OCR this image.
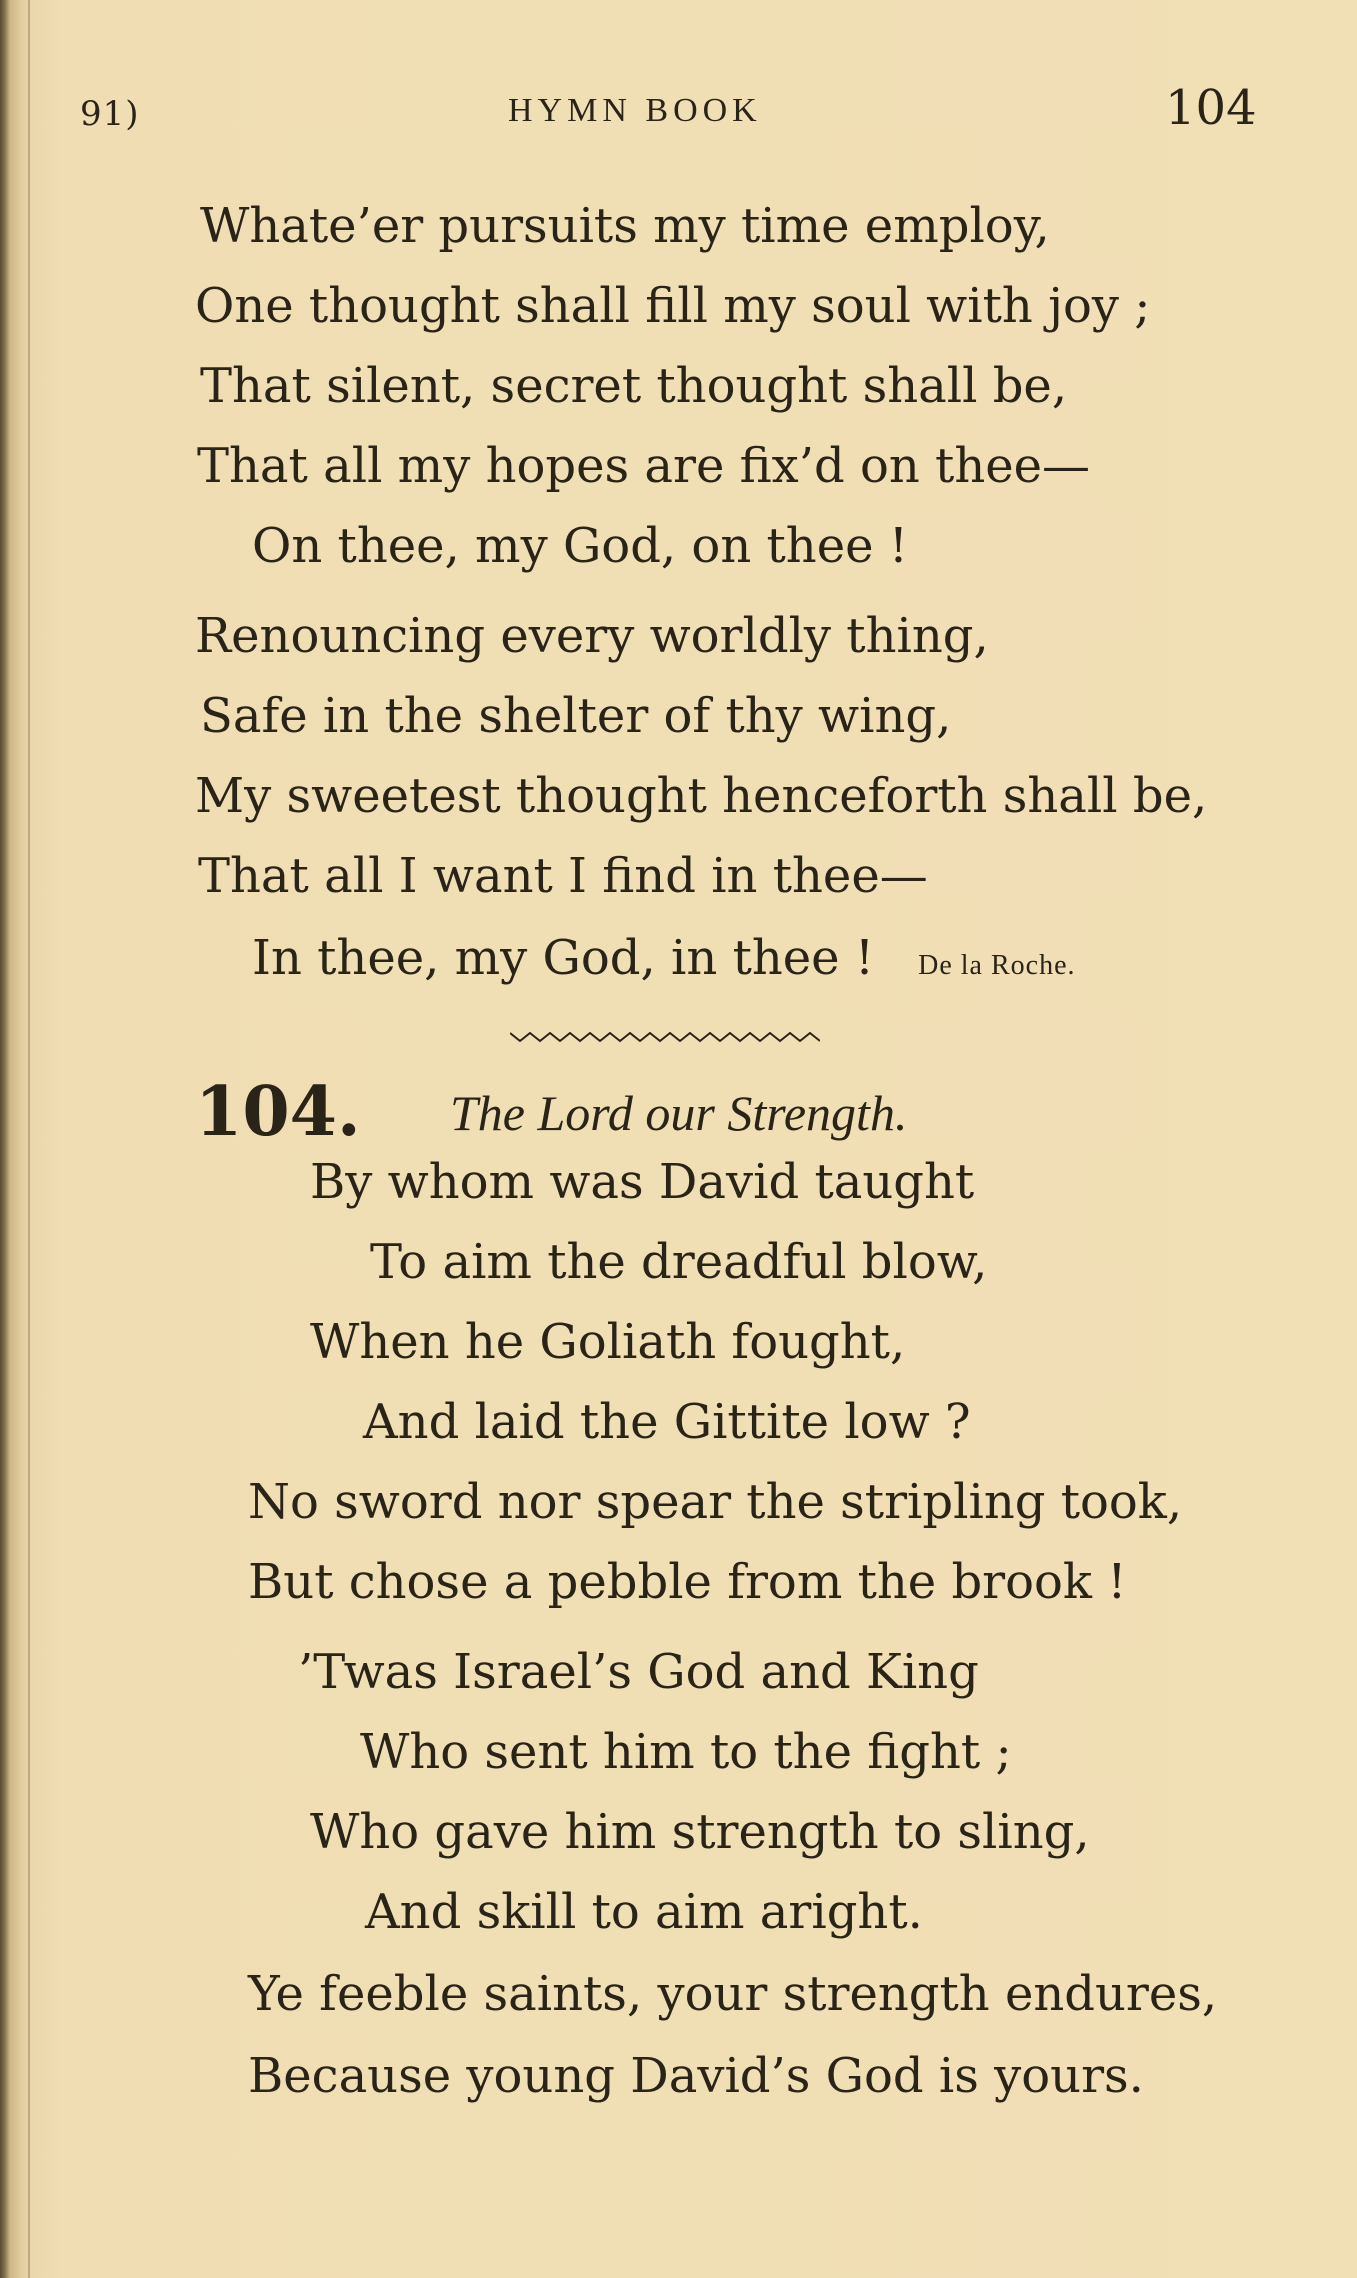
91)	HYMN BOOK	104
Whate’er pursuits my time employ,
One thought shall fill my soul with joy ;
That silent, secret thought shall be,
That all my hopes are fix’d on thee—
On thee, my God, on thee !
Renouncing every worldly thing,
Safe in the shelter of thy wing,
My sweetest thought henceforth shall be,
That all I want I find in thee—
In thee, my God, in thee ! De la Roche.
104. The Lord our Strength.
By whom was David taught
To aim the dreadful blow,
When he Goliath fought,
And laid the Gittite low ?
No sword nor spear the stripling took,
But chose a pebble from the brook !
’Twas Israel’s God and King
Who sent him to the fight ;
Who gave him strength to sling,
And skill to aim aright.
Ye feeble saints, your strength endures,
Because young David’s God is yours.
